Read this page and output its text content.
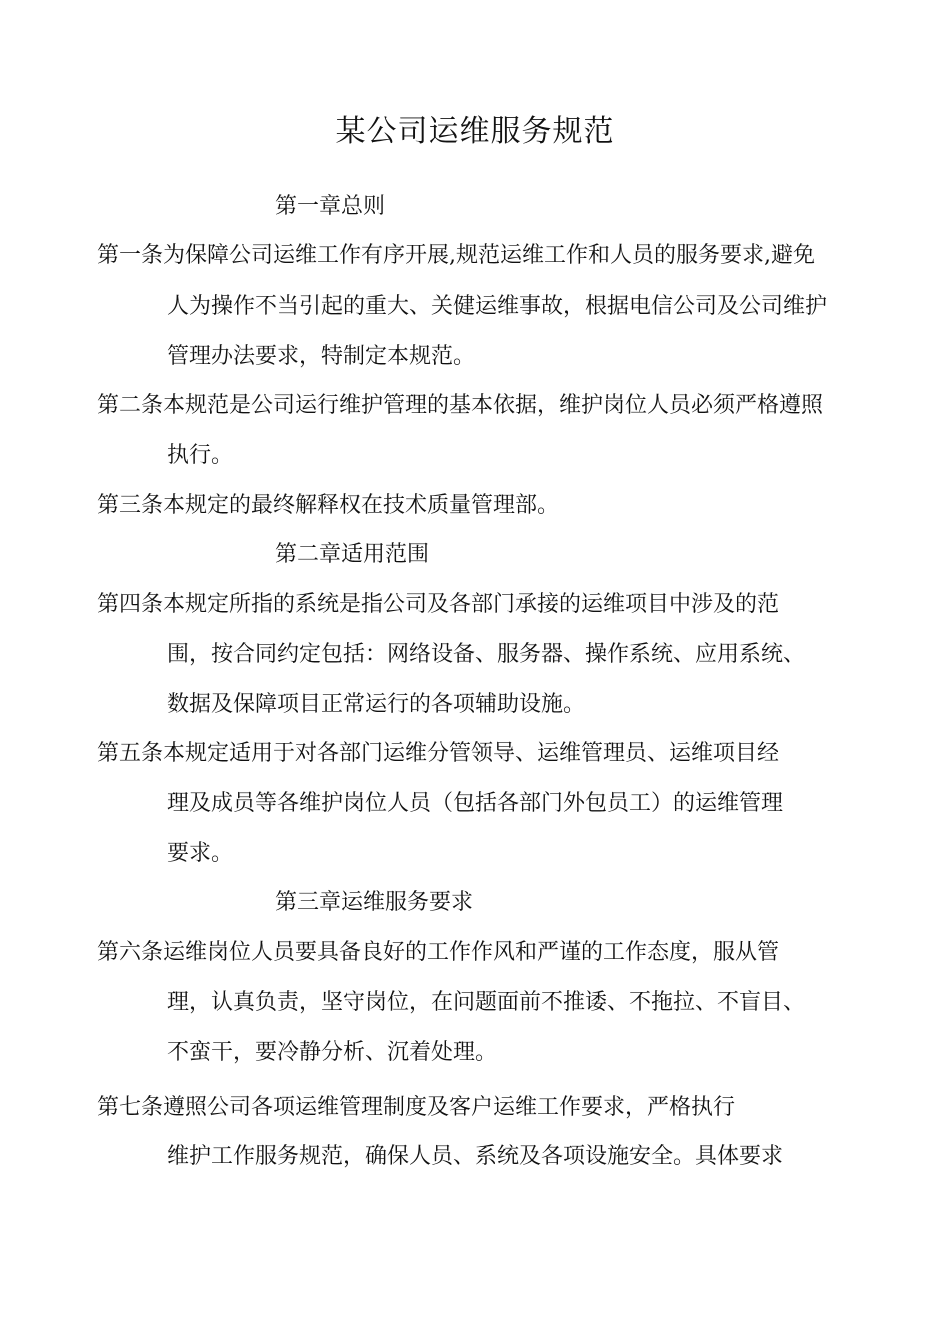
某公司运维服务规范
第一章总则
第一条为保障公司运维工作有序开展,规范运维工作和人员的服务要求,避免
人为操作不当引起的重大、关健运维事故，根据电信公司及公司维护
管理办法要求，特制定本规范。
第二条本规范是公司运行维护管理的基本依据，维护岗位人员必须严格遵照
执行。
第三条本规定的最终解释权在技术质量管理部。
第二章适用范围
第四条本规定所指的系统是指公司及各部门承接的运维项目中涉及的范
围，按合同约定包括：网络设备、服务器、操作系统、应用系统、
数据及保障项目正常运行的各项辅助设施。
第五条本规定适用于对各部门运维分管领导、运维管理员、运维项目经
理及成员等各维护岗位人员（包括各部门外包员工）的运维管理
要求。
第三章运维服务要求
第六条运维岗位人员要具备良好的工作作风和严谨的工作态度，服从管
理，认真负责，坚守岗位，在问题面前不推诿、不拖拉、不盲目、
不蛮干，要冷静分析、沉着处理。
第七条遵照公司各项运维管理制度及客户运维工作要求，严格执行
维护工作服务规范，确保人员、系统及各项设施安全。具体要求
